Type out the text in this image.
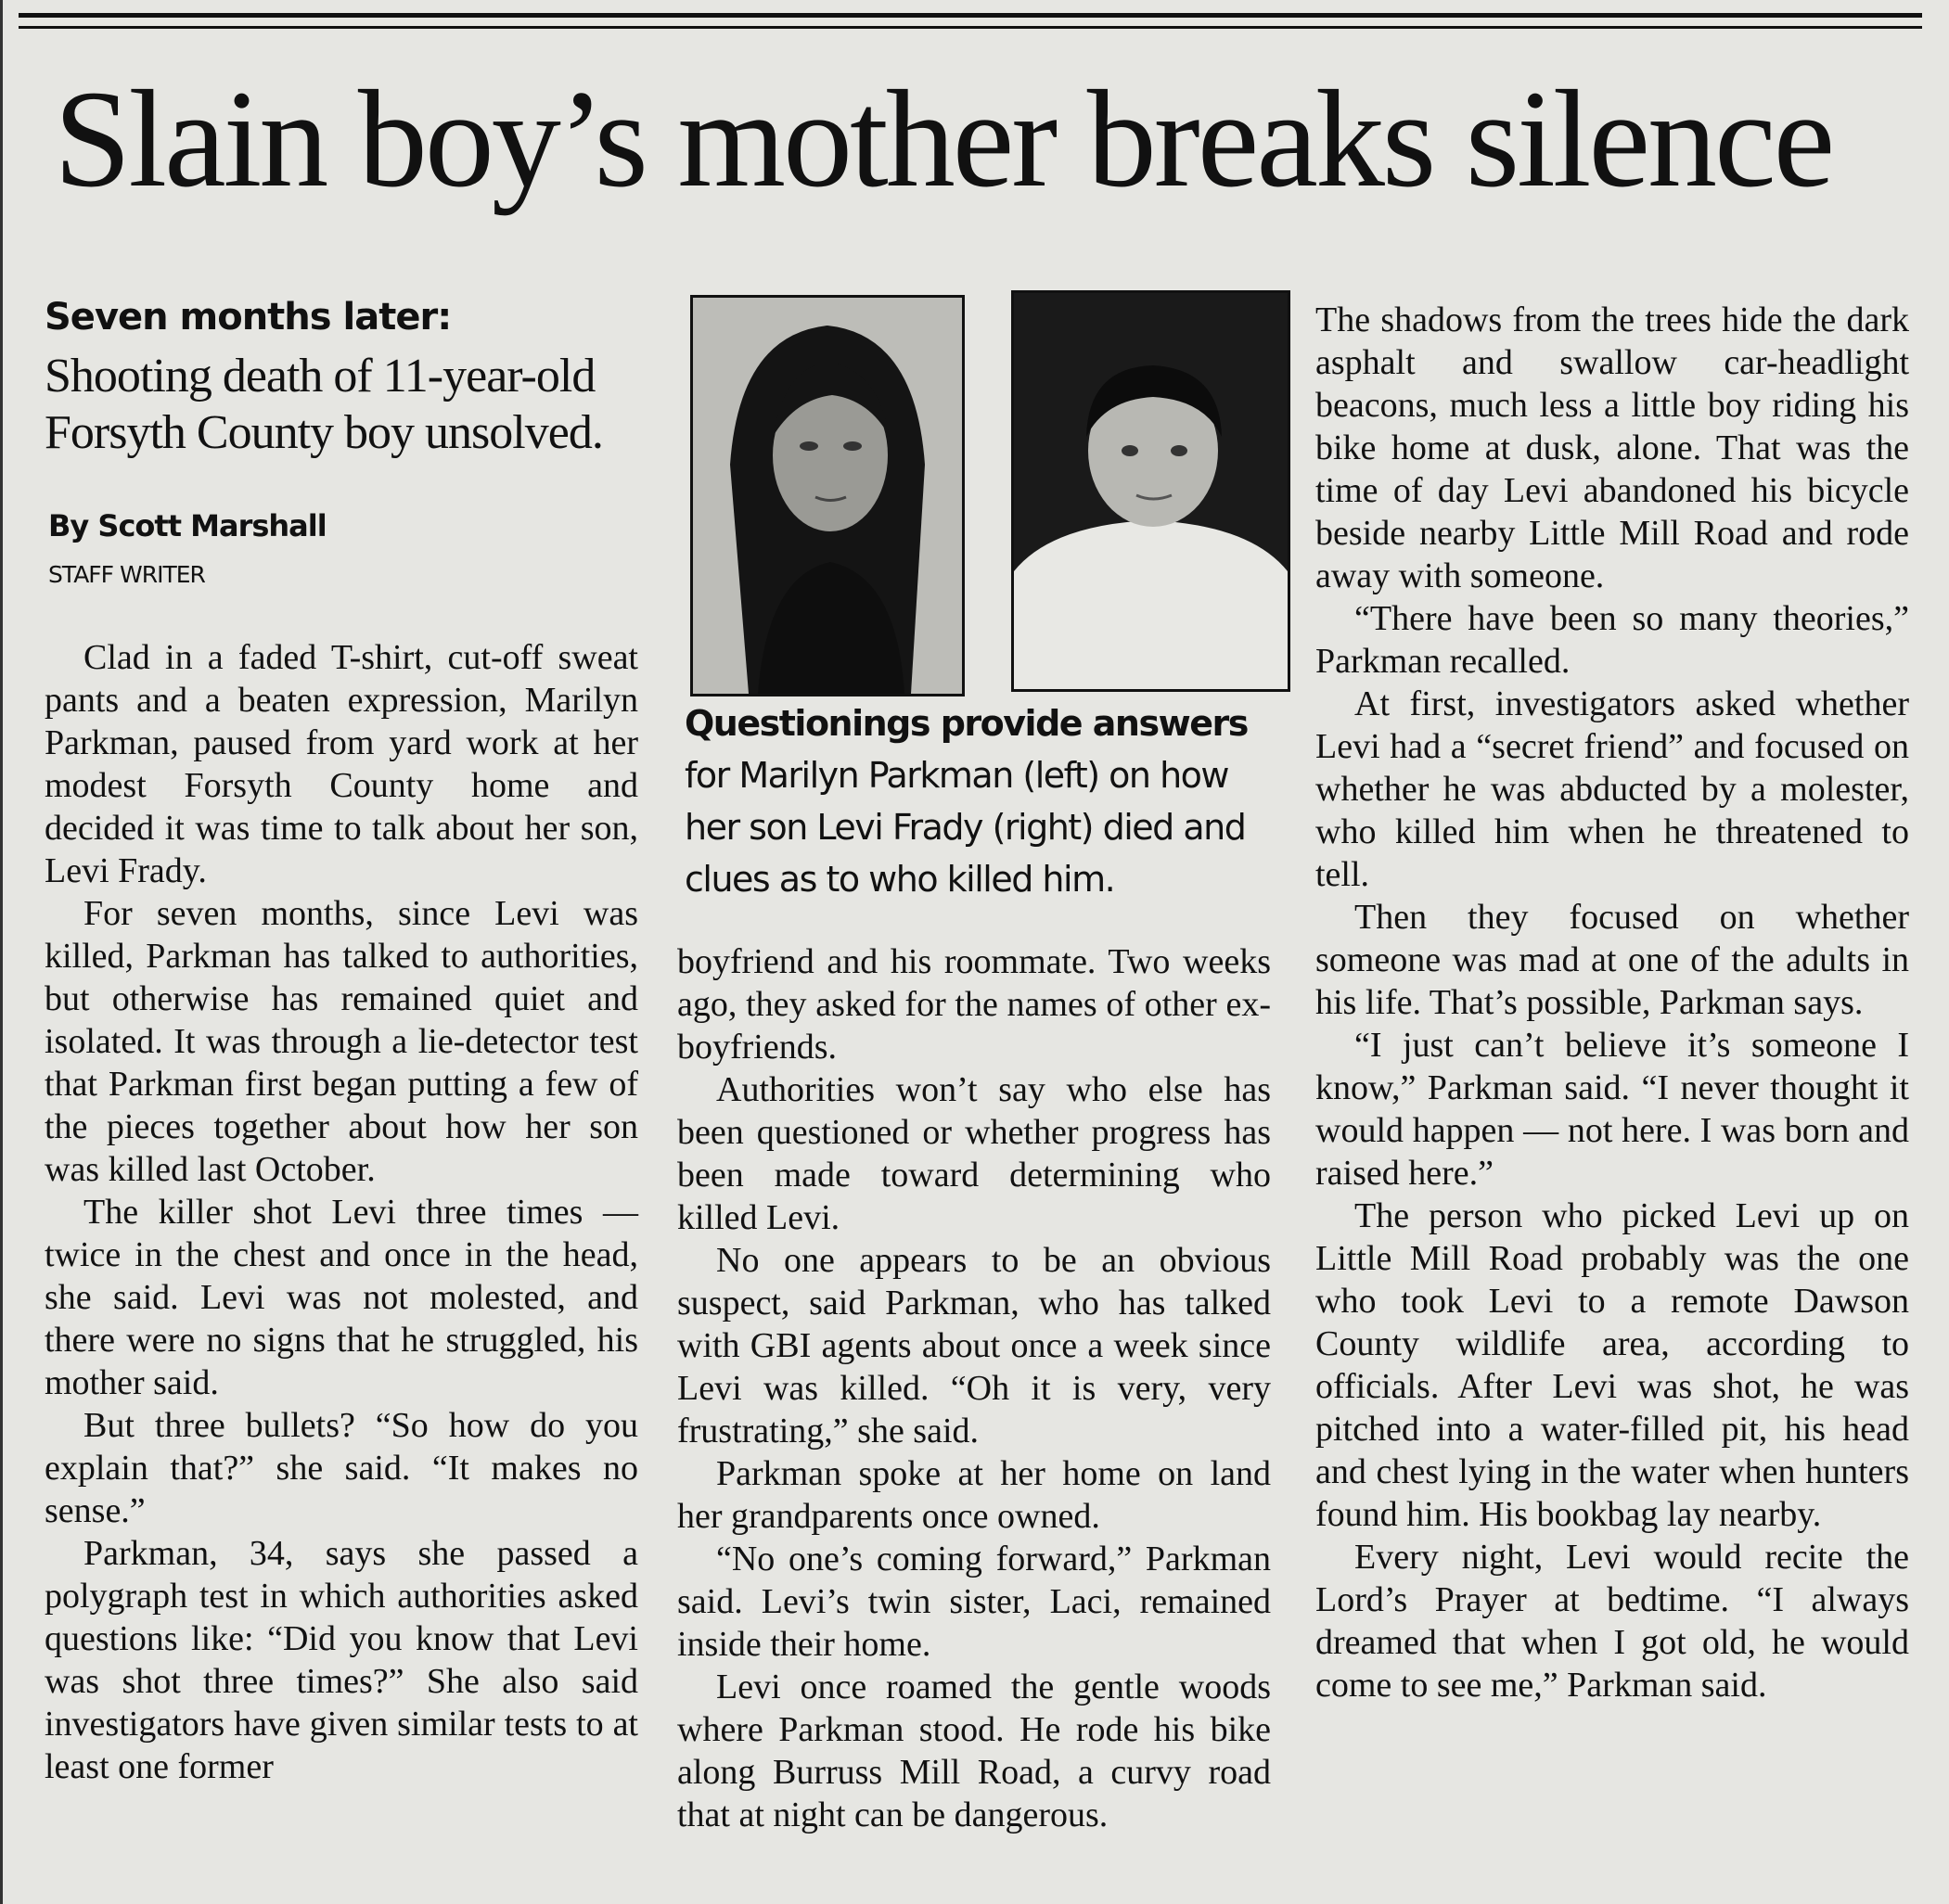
Slain boy’s mother breaks silence
Seven months later:
Shooting death of 11-year-old Forsyth County boy unsolved.
By Scott Marshall
STAFF WRITER

Clad in a faded T-shirt, cut-off sweat pants and a beaten expression, Marilyn Parkman, paused from yard work at her modest Forsyth County home and decided it was time to talk about her son, Levi Frady.

For seven months, since Levi was killed, Parkman has talked to authorities, but otherwise has remained quiet and isolated. It was through a lie-detector test that Parkman first began putting a few of the pieces together about how her son was killed last October.

The killer shot Levi three times — twice in the chest and once in the head, she said. Levi was not molested, and there were no signs that he struggled, his mother said.

But three bullets? “So how do you explain that?” she said. “It makes no sense.”

Parkman, 34, says she passed a polygraph test in which authorities asked questions like: “Did you know that Levi was shot three times?” She also said investigators have given similar tests to at least one former

Questionings provide answers for Marilyn Parkman (left) on how her son Levi Frady (right) died and clues as to who killed him.

boyfriend and his roommate. Two weeks ago, they asked for the names of other ex-boyfriends.

Authorities won’t say who else has been questioned or whether progress has been made toward determining who killed Levi.

No one appears to be an obvious suspect, said Parkman, who has talked with GBI agents about once a week since Levi was killed. “Oh it is very, very frustrating,” she said.

Parkman spoke at her home on land her grandparents once owned.

“No one’s coming forward,” Parkman said. Levi’s twin sister, Laci, remained inside their home.

Levi once roamed the gentle woods where Parkman stood. He rode his bike along Burruss Mill Road, a curvy road that at night can be dangerous.

The shadows from the trees hide the dark asphalt and swallow car-headlight beacons, much less a little boy riding his bike home at dusk, alone. That was the time of day Levi abandoned his bicycle beside nearby Little Mill Road and rode away with someone.

“There have been so many theories,” Parkman recalled.

At first, investigators asked whether Levi had a “secret friend” and focused on whether he was abducted by a molester, who killed him when he threatened to tell.

Then they focused on whether someone was mad at one of the adults in his life. That’s possible, Parkman says.

“I just can’t believe it’s someone I know,” Parkman said. “I never thought it would happen — not here. I was born and raised here.”

The person who picked Levi up on Little Mill Road probably was the one who took Levi to a remote Dawson County wildlife area, according to officials. After Levi was shot, he was pitched into a water-filled pit, his head and chest lying in the water when hunters found him. His bookbag lay nearby.

Every night, Levi would recite the Lord’s Prayer at bedtime. “I always dreamed that when I got old, he would come to see me,” Parkman said.
